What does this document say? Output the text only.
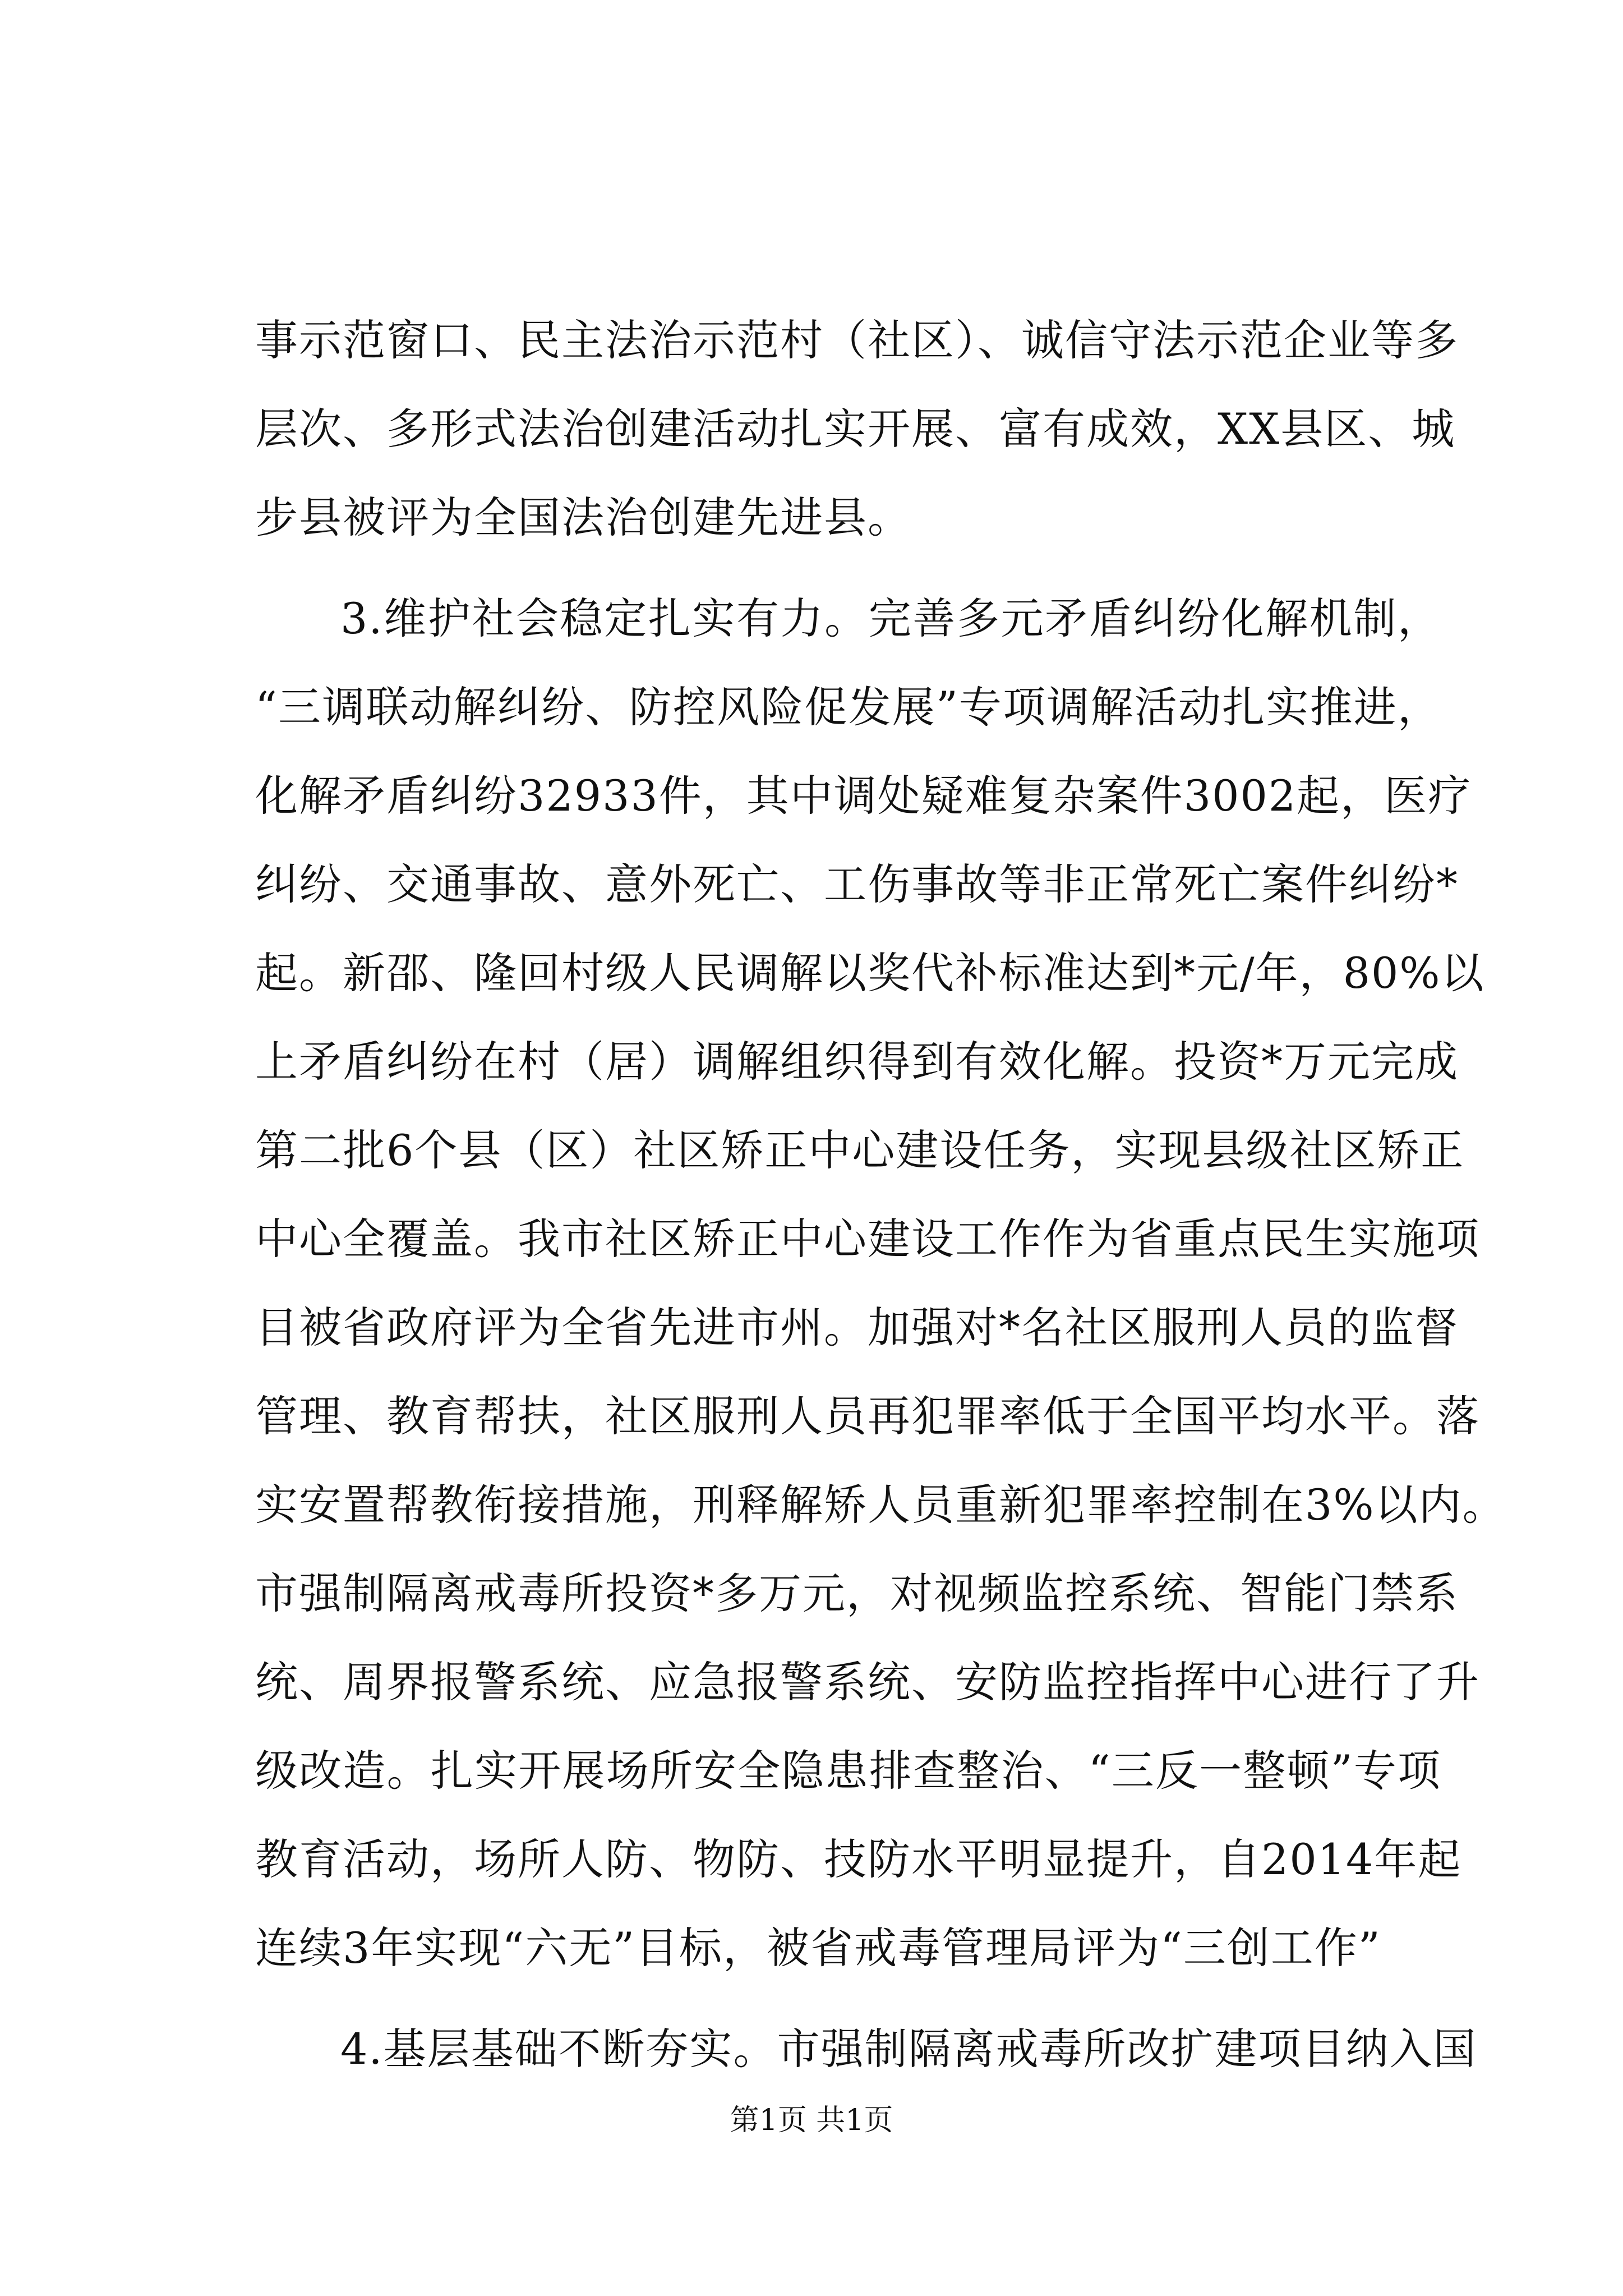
事示范窗口、民主法治示范村（社区）、诚信守法示范企业等多
层次、多形式法治创建活动扎实开展、富有成效，XX县区、城
步县被评为全国法治创建先进县。
3.维护社会稳定扎实有力。完善多元矛盾纠纷化解机制，
“三调联动解纠纷、防控风险促发展”专项调解活动扎实推进，
化解矛盾纠纷32933件，其中调处疑难复杂案件3002起，医疗
纠纷、交通事故、意外死亡、工伤事故等非正常死亡案件纠纷*
起。新邵、隆回村级人民调解以奖代补标准达到*元/年，80%以
上矛盾纠纷在村（居）调解组织得到有效化解。投资*万元完成
第二批6个县（区）社区矫正中心建设任务，实现县级社区矫正
中心全覆盖。我市社区矫正中心建设工作作为省重点民生实施项
目被省政府评为全省先进市州。加强对*名社区服刑人员的监督
管理、教育帮扶，社区服刑人员再犯罪率低于全国平均水平。落
实安置帮教衔接措施，刑释解矫人员重新犯罪率控制在3%以内。
市强制隔离戒毒所投资*多万元，对视频监控系统、智能门禁系
统、周界报警系统、应急报警系统、安防监控指挥中心进行了升
级改造。扎实开展场所安全隐患排查整治、“三反一整顿”专项
教育活动，场所人防、物防、技防水平明显提升，自2014年起
连续3年实现“六无”目标，被省戒毒管理局评为“三创工作”
4.基层基础不断夯实。市强制隔离戒毒所改扩建项目纳入国
第1页 共1页
